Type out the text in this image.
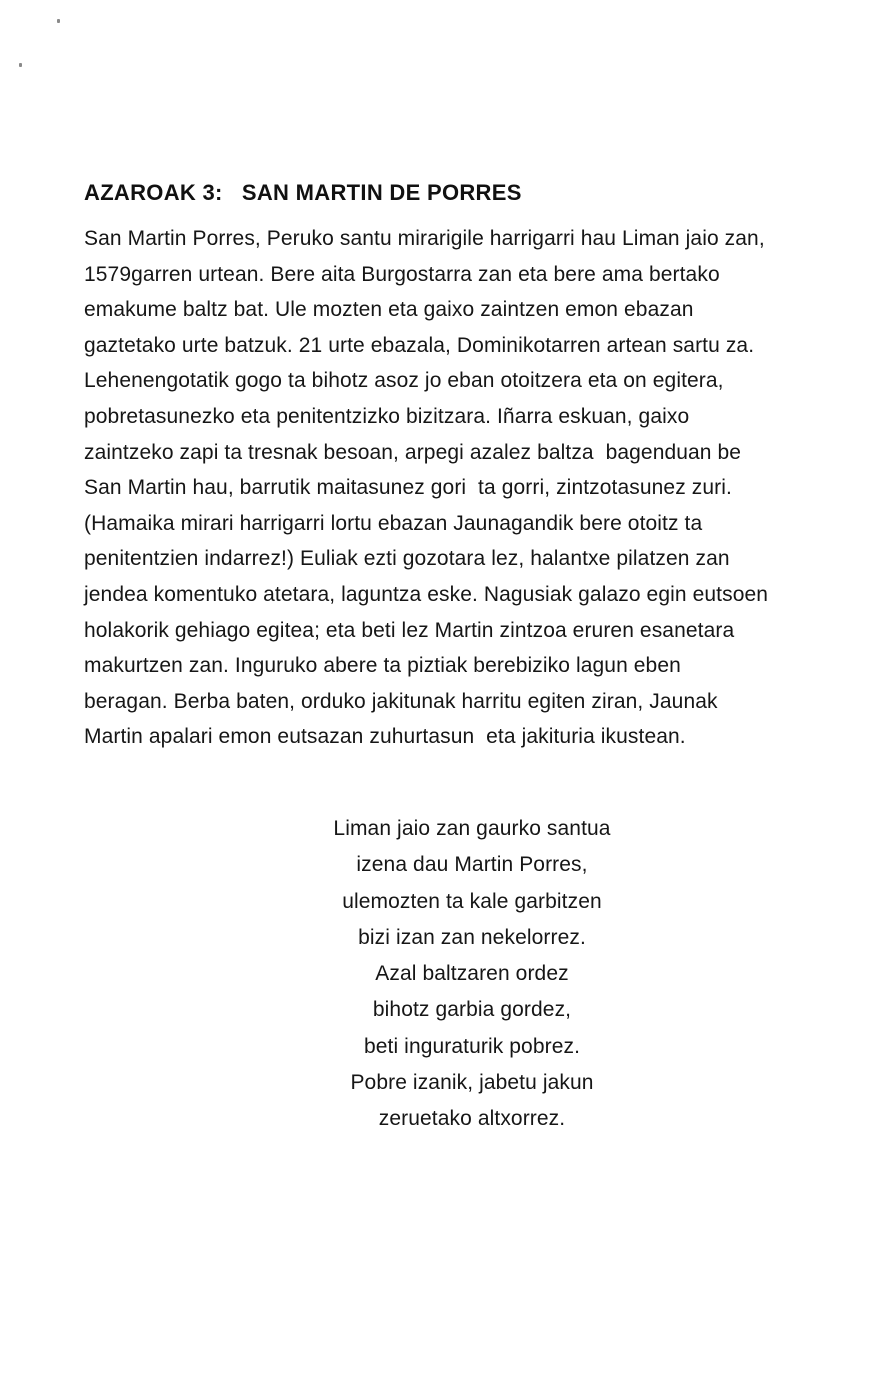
AZAROAK 3:   SAN MARTIN DE PORRES
San Martin Porres, Peruko santu mirarigile harrigarri hau Liman jaio zan,
1579garren urtean. Bere aita Burgostarra zan eta bere ama bertako
emakume baltz bat. Ule mozten eta gaixo zaintzen emon ebazan
gaztetako urte batzuk. 21 urte ebazala, Dominikotarren artean sartu za.
Lehenengotatik gogo ta bihotz asoz jo eban otoitzera eta on egitera,
pobretasunezko eta penitentzizko bizitzara. Iñarra eskuan, gaixo
zaintzeko zapi ta tresnak besoan, arpegi azalez baltza  bagenduan be
San Martin hau, barrutik maitasunez gori  ta gorri, zintzotasunez zuri.
(Hamaika mirari harrigarri lortu ebazan Jaunagandik bere otoitz ta
penitentzien indarrez!) Euliak ezti gozotara lez, halantxe pilatzen zan
jendea komentuko atetara, laguntza eske. Nagusiak galazo egin eutsoen
holakorik gehiago egitea; eta beti lez Martin zintzoa eruren esanetara
makurtzen zan. Inguruko abere ta piztiak berebiziko lagun eben
beragan. Berba baten, orduko jakitunak harritu egiten ziran, Jaunak
Martin apalari emon eutsazan zuhurtasun  eta jakituria ikustean.
Liman jaio zan gaurko santua
izena dau Martin Porres,
ulemozten ta kale garbitzen
bizi izan zan nekelorrez.
Azal baltzaren ordez
bihotz garbia gordez,
beti inguraturik pobrez.
Pobre izanik, jabetu jakun
zeruetako altxorrez.
